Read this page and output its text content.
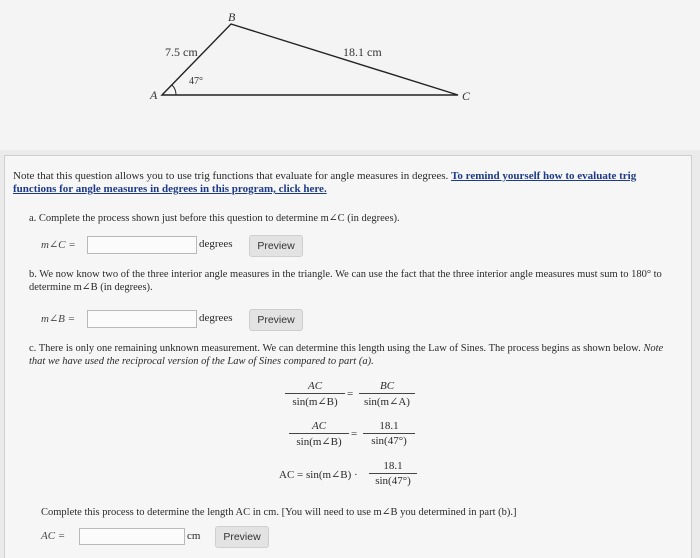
B
A	C
7.5 cm	18.1 cm
47°
Note that this question allows you to use trig functions that evaluate for angle measures in degrees. To remind yourself how to evaluate trig functions for angle measures in degrees in this program, click here.
a. Complete the process shown just before this question to determine m∠C (in degrees).
m∠C =	degrees	Preview
b. We now know two of the three interior angle measures in the triangle. We can use the fact that the three interior angle measures must sum to 180° to determine m∠B (in degrees).
m∠B =	degrees	Preview
c. There is only one remaining unknown measurement. We can determine this length using the Law of Sines. The process begins as shown below. Note that we have used the reciprocal version of the Law of Sines compared to part (a).
AC
sin(m∠B)
=
BC
sin(m∠A)
AC
sin(m∠B)
=
18.1
sin(47°)
AC = sin(m∠B) ·
18.1
sin(47°)
Complete this process to determine the length AC in cm. [You will need to use m∠B you determined in part (b).]
AC =	cm	Preview
